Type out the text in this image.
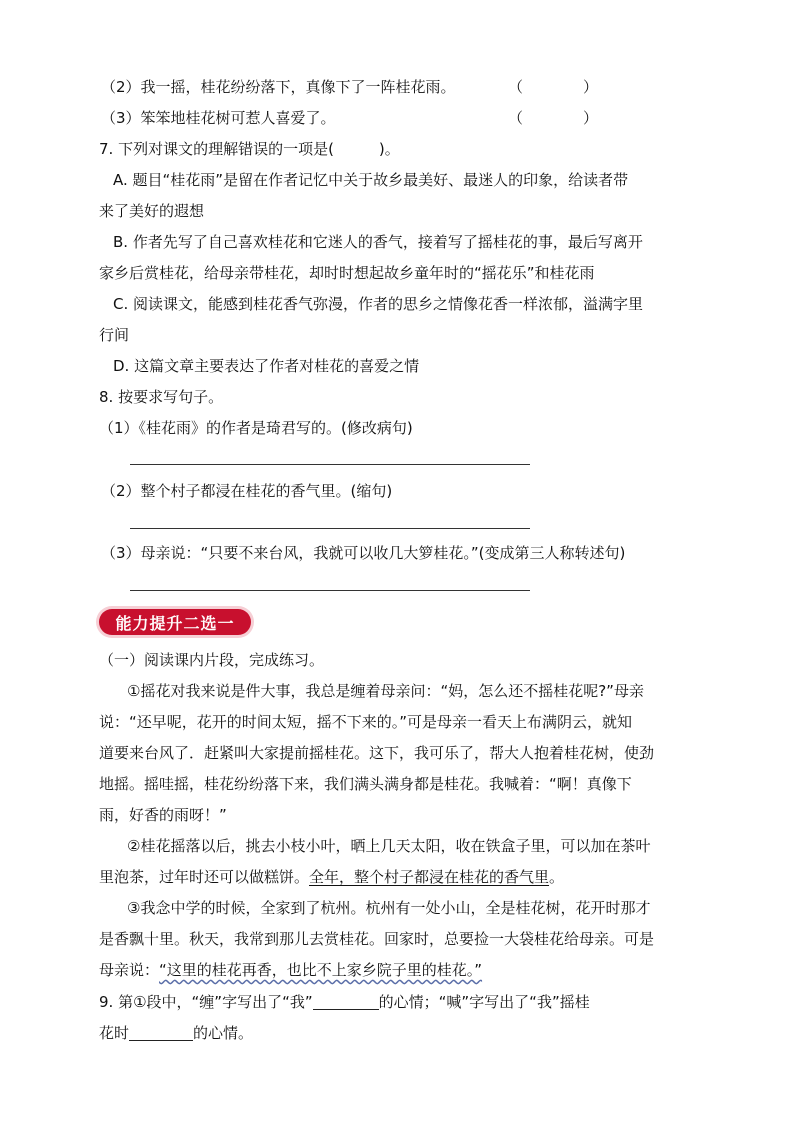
（2）我一摇，桂花纷纷落下，真像下了一阵桂花雨。	（　　　　）
（3）笨笨地桂花树可惹人喜爱了。	（　　　　）
7. 下列对课文的理解错误的一项是(　　　)。
A. 题目“桂花雨”是留在作者记忆中关于故乡最美好、最迷人的印象，给读者带
来了美好的遐想
B. 作者先写了自己喜欢桂花和它迷人的香气，接着写了摇桂花的事，最后写离开
家乡后赏桂花，给母亲带桂花，却时时想起故乡童年时的“摇花乐”和桂花雨
C. 阅读课文，能感到桂花香气弥漫，作者的思乡之情像花香一样浓郁，溢满字里
行间
D. 这篇文章主要表达了作者对桂花的喜爱之情
8. 按要求写句子。
（1）《桂花雨》的作者是琦君写的。(修改病句)
（2）整个村子都浸在桂花的香气里。(缩句)
（3）母亲说：“只要不来台风，我就可以收几大箩桂花。”(变成第三人称转述句)
能力提升二选一
（一）阅读课内片段，完成练习。
①摇花对我来说是件大事，我总是缠着母亲问：“妈，怎么还不摇桂花呢?”母亲
说：“还早呢，花开的时间太短，摇不下来的。”可是母亲一看天上布满阴云，就知
道要来台风了．赶紧叫大家提前摇桂花。这下，我可乐了，帮大人抱着桂花树，使劲
地摇。摇哇摇，桂花纷纷落下来，我们满头满身都是桂花。我喊着：“啊！真像下
雨，好香的雨呀！”
②桂花摇落以后，挑去小枝小叶，晒上几天太阳，收在铁盒子里，可以加在茶叶
里泡茶，过年时还可以做糕饼。全年，整个村子都浸在桂花的香气里。
③我念中学的时候，全家到了杭州。杭州有一处小山，全是桂花树，花开时那才
是香飘十里。秋天，我常到那儿去赏桂花。回家时，总要捡一大袋桂花给母亲。可是
母亲说：“这里的桂花再香，也比不上家乡院子里的桂花。”
9. 第①段中，“缠”字写出了“我”	的心情；“喊”字写出了“我”摇桂
花时	的心情。
